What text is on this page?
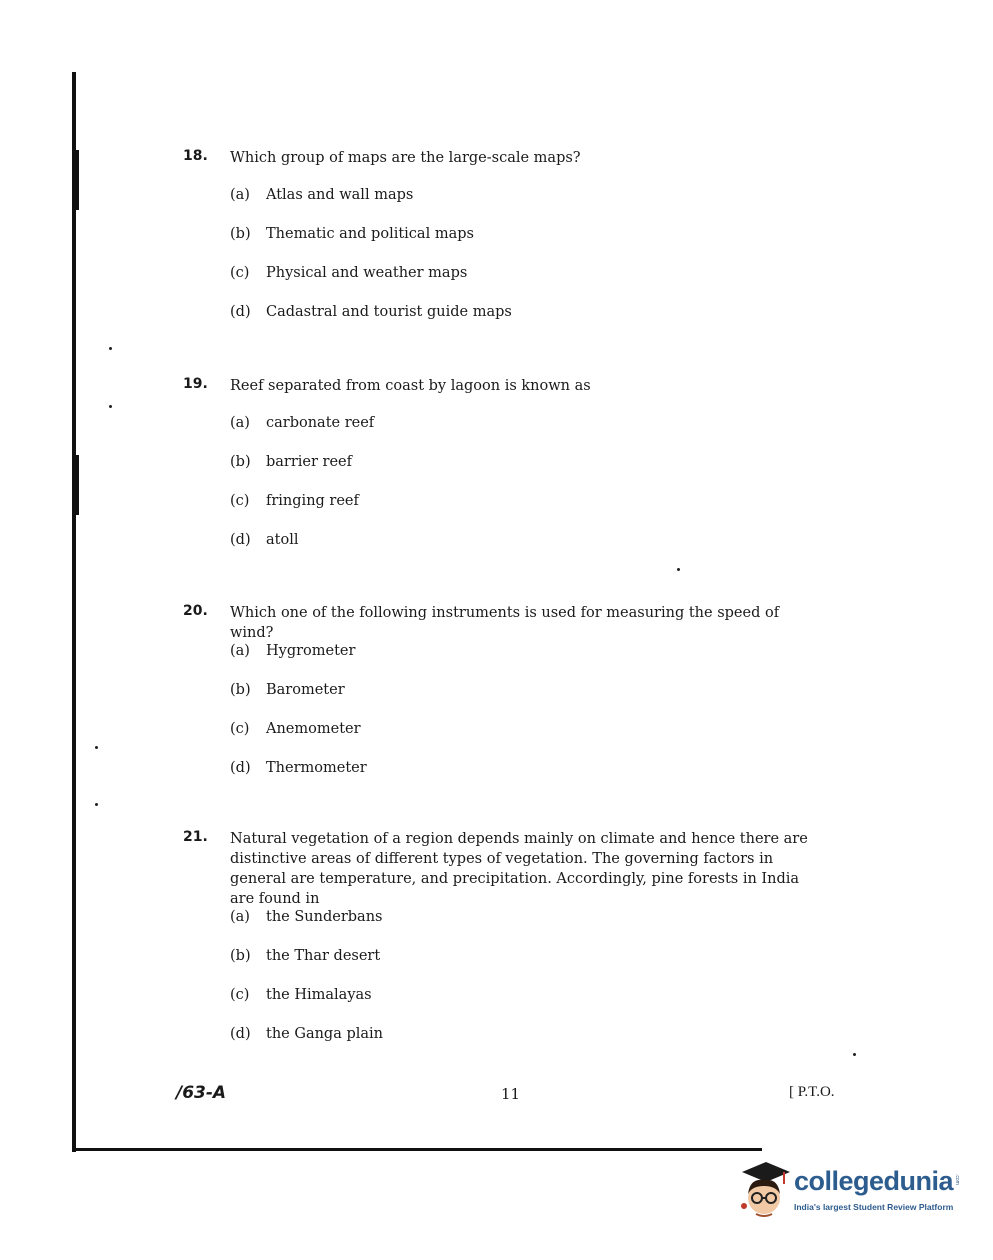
18. Which group of maps are the large-scale maps?
(a) Atlas and wall maps
(b) Thematic and political maps
(c) Physical and weather maps
(d) Cadastral and tourist guide maps
19. Reef separated from coast by lagoon is known as
(a) carbonate reef
(b) barrier reef
(c) fringing reef
(d) atoll
20. Which one of the following instruments is used for measuring the speed of wind?
(a) Hygrometer
(b) Barometer
(c) Anemometer
(d) Thermometer
21. Natural vegetation of a region depends mainly on climate and hence there are distinctive areas of different types of vegetation. The governing factors in general are temperature, and precipitation. Accordingly, pine forests in India are found in
(a) the Sunderbans
(b) the Thar desert
(c) the Himalayas
(d) the Ganga plain
/63-A	11	[ P.T.O.
collegedunia .com
India's largest Student Review Platform
